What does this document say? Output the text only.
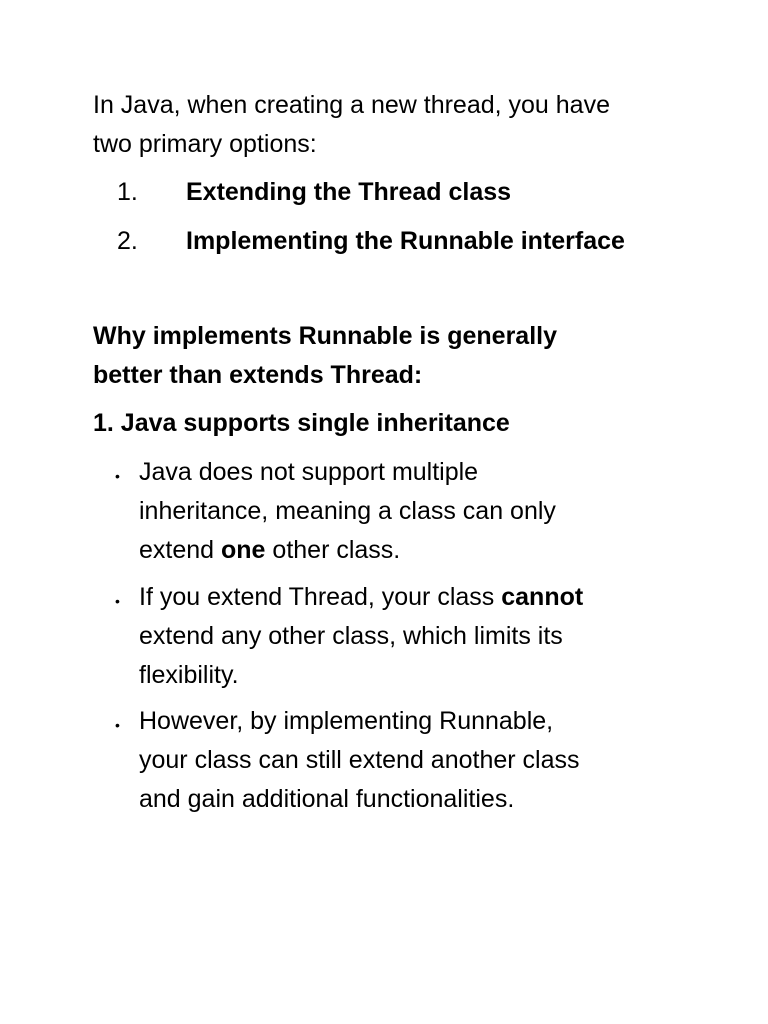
In Java, when creating a new thread, you have
two primary options:
1. Extending the Thread class
2. Implementing the Runnable interface
Why implements Runnable is generally
better than extends Thread:
1. Java supports single inheritance
• Java does not support multiple
inheritance, meaning a class can only
extend one other class.
• If you extend Thread, your class cannot
extend any other class, which limits its
flexibility.
• However, by implementing Runnable,
your class can still extend another class
and gain additional functionalities.
